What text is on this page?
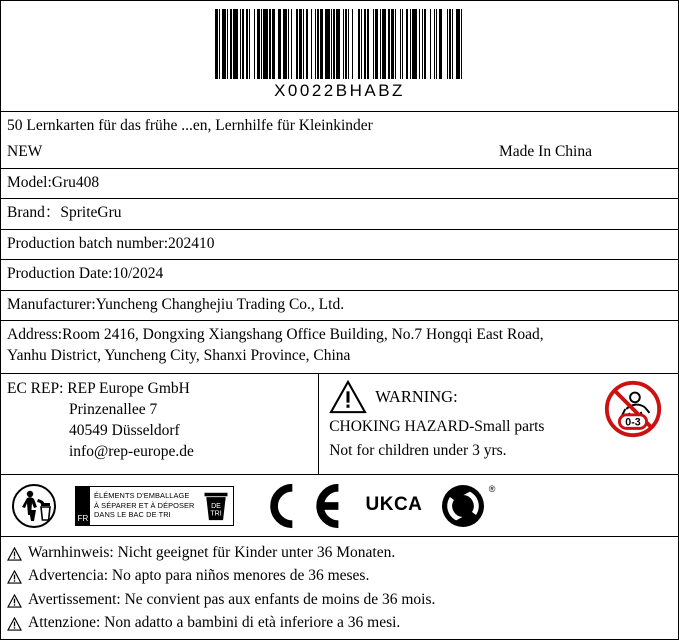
X0022BHABZ
50 Lernkarten für das frühe ...en, Lernhilfe für Kleinkinder
NEW	Made In China
Model:Gru408
Brand：SpriteGru
Production batch number:202410
Production Date:10/2024
Manufacturer:Yuncheng Changhejiu Trading Co., Ltd.
Address:Room 2416, Dongxing Xiangshang Office Building, No.7 Hongqi East Road,
Yanhu District, Yuncheng City, Shanxi Province, China
EC REP: REP Europe GmbH
Prinzenallee 7
40549 Düsseldorf
info@rep-europe.de
WARNING:
CHOKING HAZARD-Small parts
Not for children under 3 yrs.
0-3
FR
ÉLÉMENTS D'EMBALLAGE
À SÉPARER ET À DÉPOSER
DANS LE BAC DE TRI
DE
TRI	UK CA
®
Warnhinweis: Nicht geeignet für Kinder unter 36 Monaten.
Advertencia: No apto para niños menores de 36 meses.
Avertissement: Ne convient pas aux enfants de moins de 36 mois.
Attenzione: Non adatto a bambini di età inferiore a 36 mesi.
